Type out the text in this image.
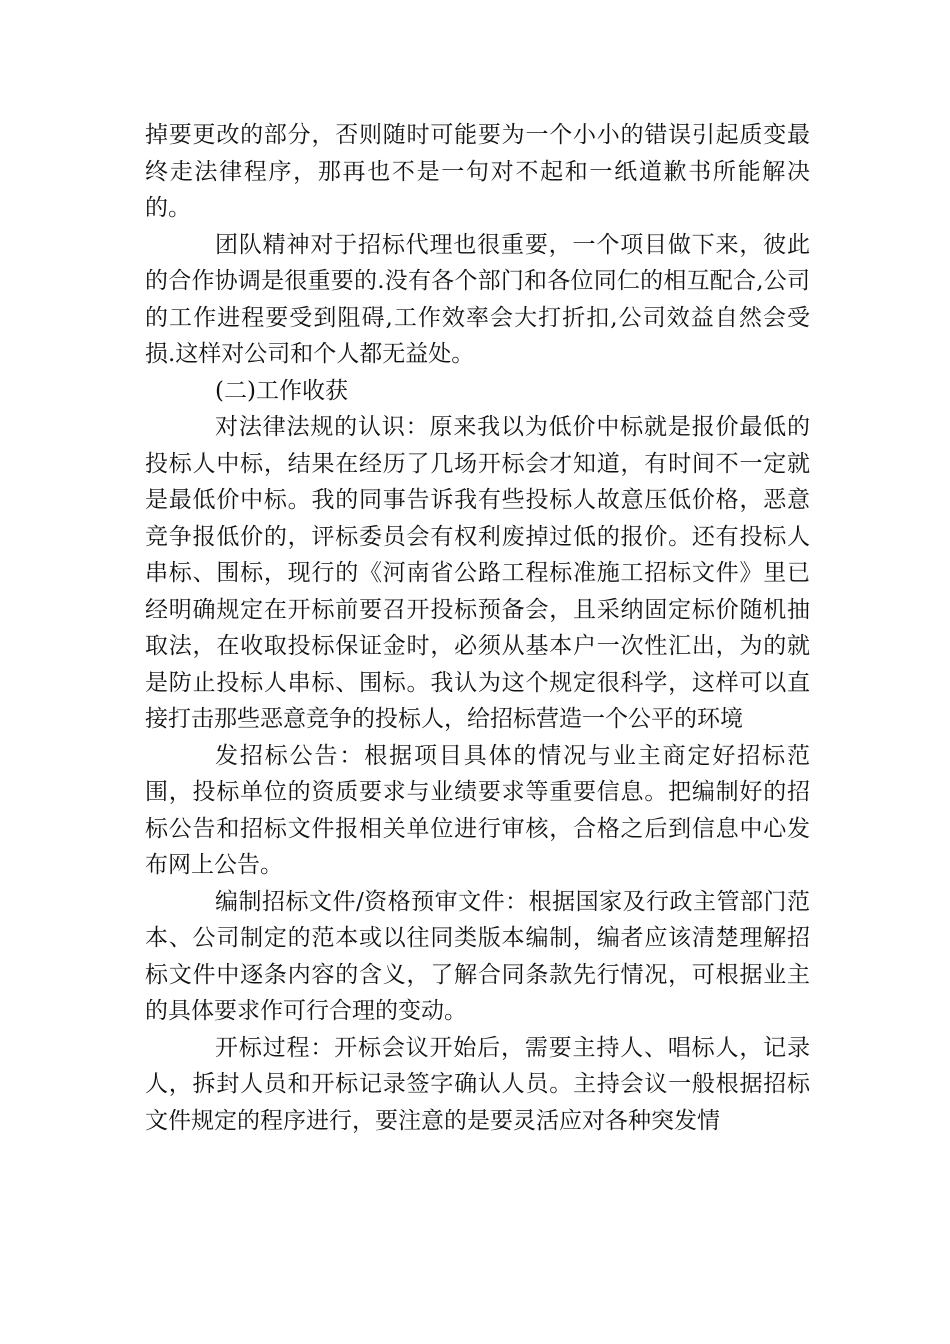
掉要更改的部分，否则随时可能要为一个小小的错误引起质变最终走法律程序，那再也不是一句对不起和一纸道歉书所能解决的。

团队精神对于招标代理也很重要，一个项目做下来，彼此的合作协调是很重要的.没有各个部门和各位同仁的相互配合,公司的工作进程要受到阻碍,工作效率会大打折扣,公司效益自然会受损.这样对公司和个人都无益处。

(二)工作收获

对法律法规的认识：原来我以为低价中标就是报价最低的投标人中标，结果在经历了几场开标会才知道，有时间不一定就是最低价中标。我的同事告诉我有些投标人故意压低价格，恶意竞争报低价的，评标委员会有权利废掉过低的报价。还有投标人串标、围标，现行的《河南省公路工程标准施工招标文件》里已经明确规定在开标前要召开投标预备会，且采纳固定标价随机抽取法，在收取投标保证金时，必须从基本户一次性汇出，为的就是防止投标人串标、围标。我认为这个规定很科学，这样可以直接打击那些恶意竞争的投标人，给招标营造一个公平的环境

发招标公告：根据项目具体的情况与业主商定好招标范围，投标单位的资质要求与业绩要求等重要信息。把编制好的招标公告和招标文件报相关单位进行审核，合格之后到信息中心发布网上公告。

编制招标文件/资格预审文件：根据国家及行政主管部门范本、公司制定的范本或以往同类版本编制，编者应该清楚理解招标文件中逐条内容的含义，了解合同条款先行情况，可根据业主的具体要求作可行合理的变动。

开标过程：开标会议开始后，需要主持人、唱标人，记录人，拆封人员和开标记录签字确认人员。主持会议一般根据招标文件规定的程序进行，要注意的是要灵活应对各种突发情
